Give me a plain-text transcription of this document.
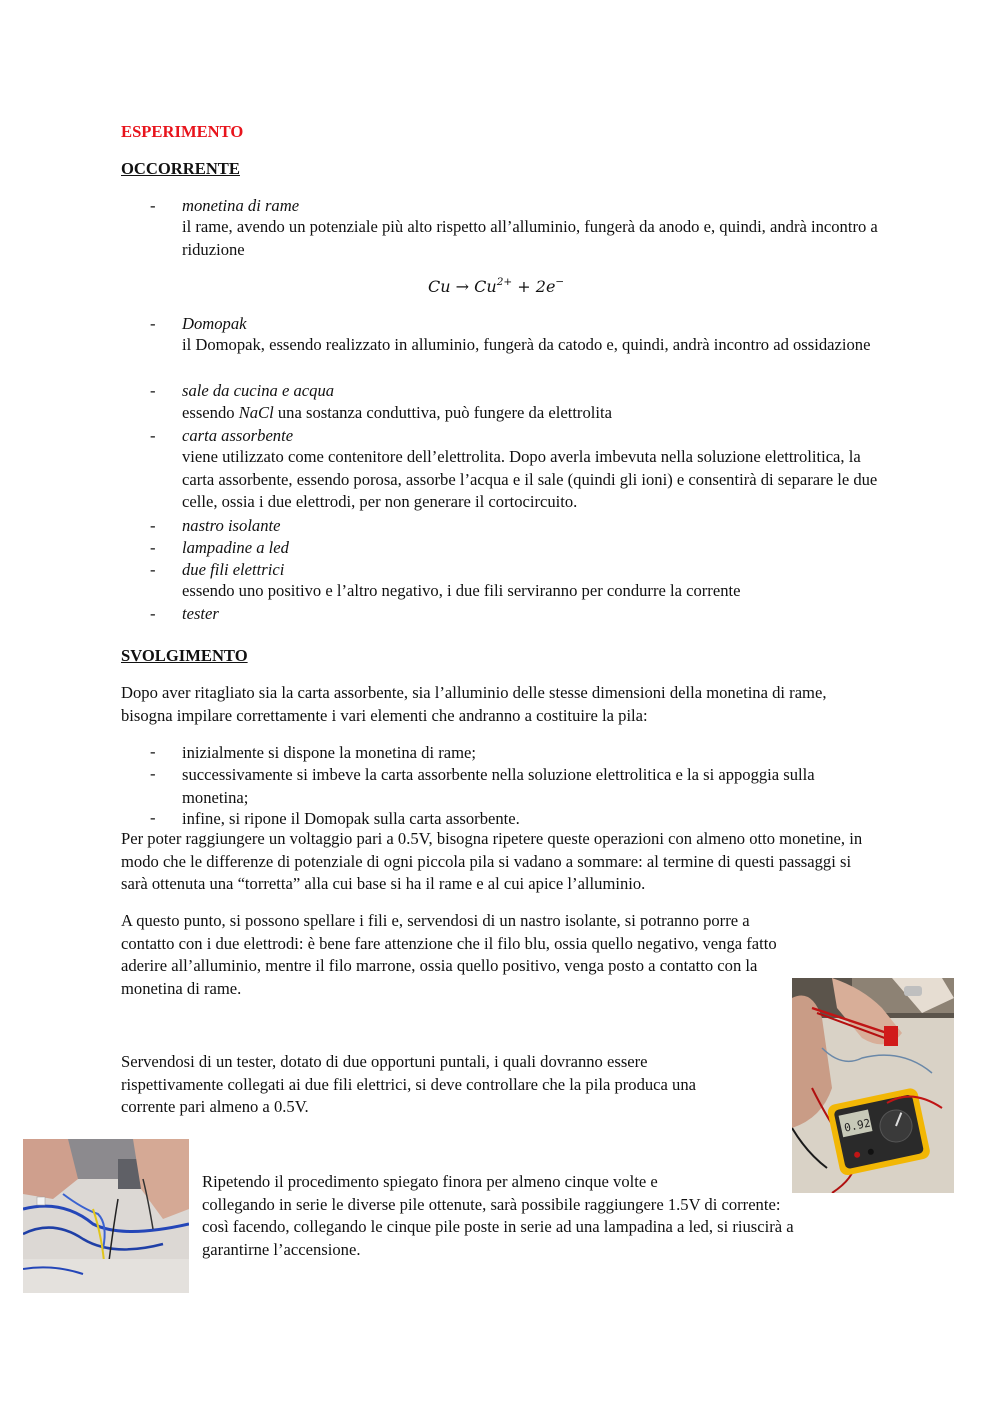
ESPERIMENTO
OCCORRENTE
- monetina di rame
il rame, avendo un potenziale più alto rispetto all’alluminio, fungerà da anodo e, quindi, andrà incontro a riduzione
$Cu \to Cu^{2+} + 2e^-$
- Domopak
il Domopak, essendo realizzato in alluminio, fungerà da catodo e, quindi, andrà incontro ad ossidazione
- sale da cucina e acqua
essendo NaCl una sostanza conduttiva, può fungere da elettrolita
- carta assorbente
viene utilizzato come contenitore dell’elettrolita. Dopo averla imbevuta nella soluzione elettrolitica, la carta assorbente, essendo porosa, assorbe l’acqua e il sale (quindi gli ioni) e consentirà di separare le due celle, ossia i due elettrodi, per non generare il cortocircuito.
- nastro isolante
- lampadine a led
- due fili elettrici
essendo uno positivo e l’altro negativo, i due fili serviranno per condurre la corrente
- tester
SVOLGIMENTO
Dopo aver ritagliato sia la carta assorbente, sia l’alluminio delle stesse dimensioni della monetina di rame, bisogna impilare correttamente i vari elementi che andranno a costituire la pila:
- inizialmente si dispone la monetina di rame;
- successivamente si imbeve la carta assorbente nella soluzione elettrolitica e la si appoggia sulla monetina;
- infine, si ripone il Domopak sulla carta assorbente.
Per poter raggiungere un voltaggio pari a 0.5V, bisogna ripetere queste operazioni con almeno otto monetine, in modo che le differenze di potenziale di ogni piccola pila si vadano a sommare: al termine di questi passaggi si sarà ottenuta una “torretta” alla cui base si ha il rame e al cui apice l’alluminio.
A questo punto, si possono spellare i fili e, servendosi di un nastro isolante, si potranno porre a
contatto con i due elettrodi: è bene fare attenzione che il filo blu, ossia quello negativo, venga fatto
aderire all’alluminio, mentre il filo marrone, ossia quello positivo, venga posto a contatto con la
monetina di rame.
Servendosi di un tester, dotato di due opportuni puntali, i quali dovranno essere
rispettivamente collegati ai due fili elettrici, si deve controllare che la pila produca una
corrente pari almeno a 0.5V.
Ripetendo il procedimento spiegato finora per almeno cinque volte e
collegando in serie le diverse pile ottenute, sarà possibile raggiungere 1.5V di corrente:
così facendo, collegando le cinque pile poste in serie ad una lampadina a led, si riuscirà a
garantirne l’accensione.
0.92
